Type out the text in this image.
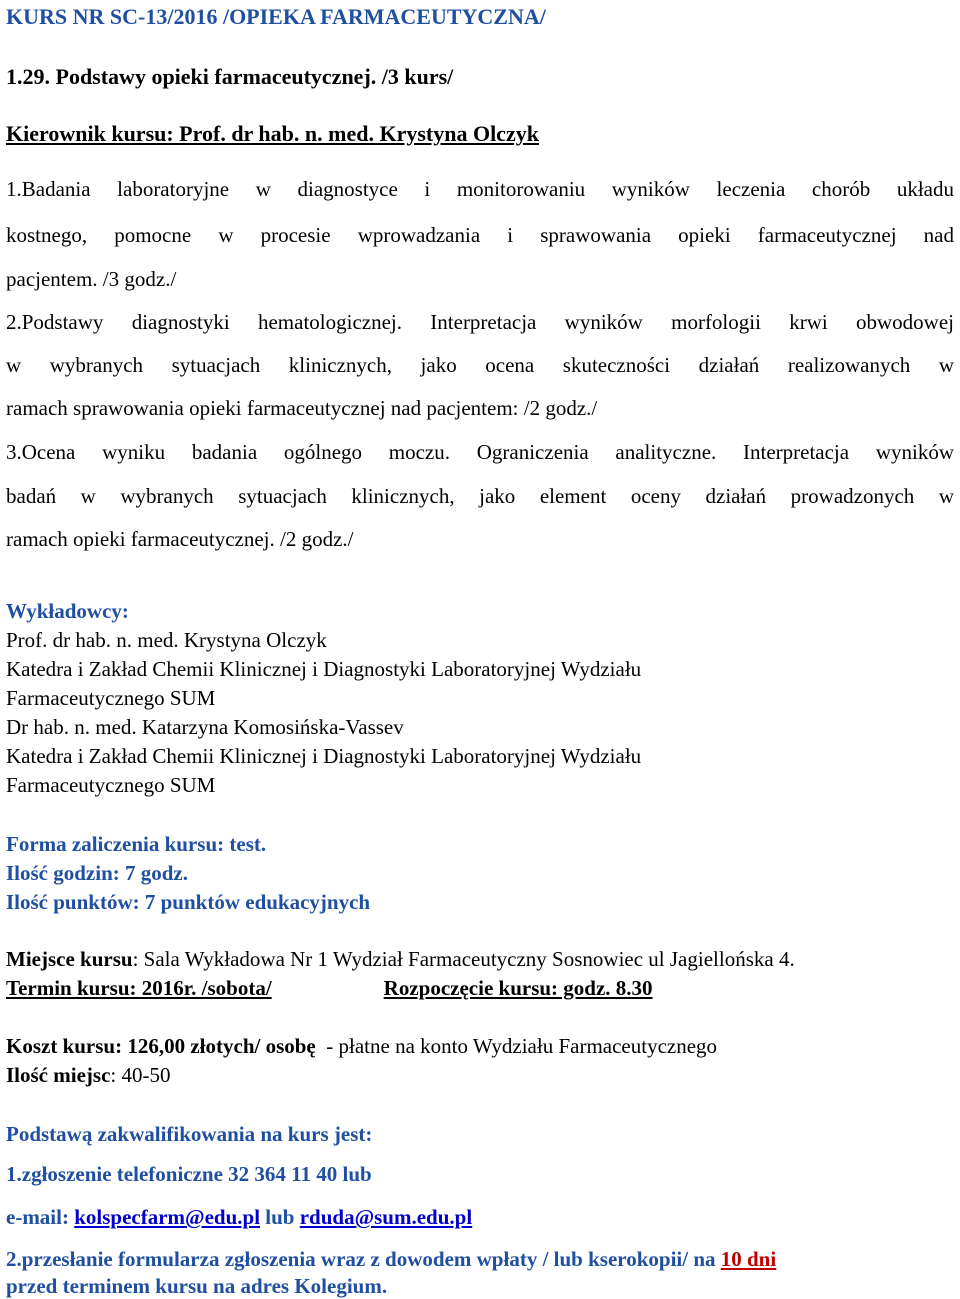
KURS NR SC-13/2016 /OPIEKA FARMACEUTYCZNA/
1.29. Podstawy opieki farmaceutycznej. /3 kurs/
Kierownik kursu: Prof. dr hab. n. med. Krystyna Olczyk
1.Badania laboratoryjne w diagnostyce i monitorowaniu wyników leczenia chorób układu
kostnego, pomocne w procesie wprowadzania i sprawowania opieki farmaceutycznej nad
pacjentem. /3 godz./
2.Podstawy diagnostyki hematologicznej. Interpretacja wyników morfologii krwi obwodowej
w wybranych sytuacjach klinicznych, jako ocena skuteczności działań realizowanych w
ramach sprawowania opieki farmaceutycznej nad pacjentem: /2 godz./
3.Ocena wyniku badania ogólnego moczu. Ograniczenia analityczne. Interpretacja wyników
badań w wybranych sytuacjach klinicznych, jako element oceny działań prowadzonych w
ramach opieki farmaceutycznej. /2 godz./
Wykładowcy:
Prof. dr hab. n. med. Krystyna Olczyk
Katedra i Zakład Chemii Klinicznej i Diagnostyki Laboratoryjnej Wydziału
Farmaceutycznego SUM
Dr hab. n. med. Katarzyna Komosińska-Vassev
Katedra i Zakład Chemii Klinicznej i Diagnostyki Laboratoryjnej Wydziału
Farmaceutycznego SUM
Forma zaliczenia kursu: test.
Ilość godzin: 7 godz.
Ilość punktów: 7 punktów edukacyjnych
Miejsce kursu: Sala Wykładowa Nr 1 Wydział Farmaceutyczny Sosnowiec ul Jagiellońska 4.
Termin kursu: 2016r. /sobota/	Rozpoczęcie kursu: godz. 8.30
Koszt kursu: 126,00 złotych/ osobę  - płatne na konto Wydziału Farmaceutycznego
Ilość miejsc: 40-50
Podstawą zakwalifikowania na kurs jest:
1.zgłoszenie telefoniczne 32 364 11 40 lub
e-mail: kolspecfarm@edu.pl lub rduda@sum.edu.pl
2.przesłanie formularza zgłoszenia wraz z dowodem wpłaty / lub kserokopii/ na 10 dni
przed terminem kursu na adres Kolegium.
